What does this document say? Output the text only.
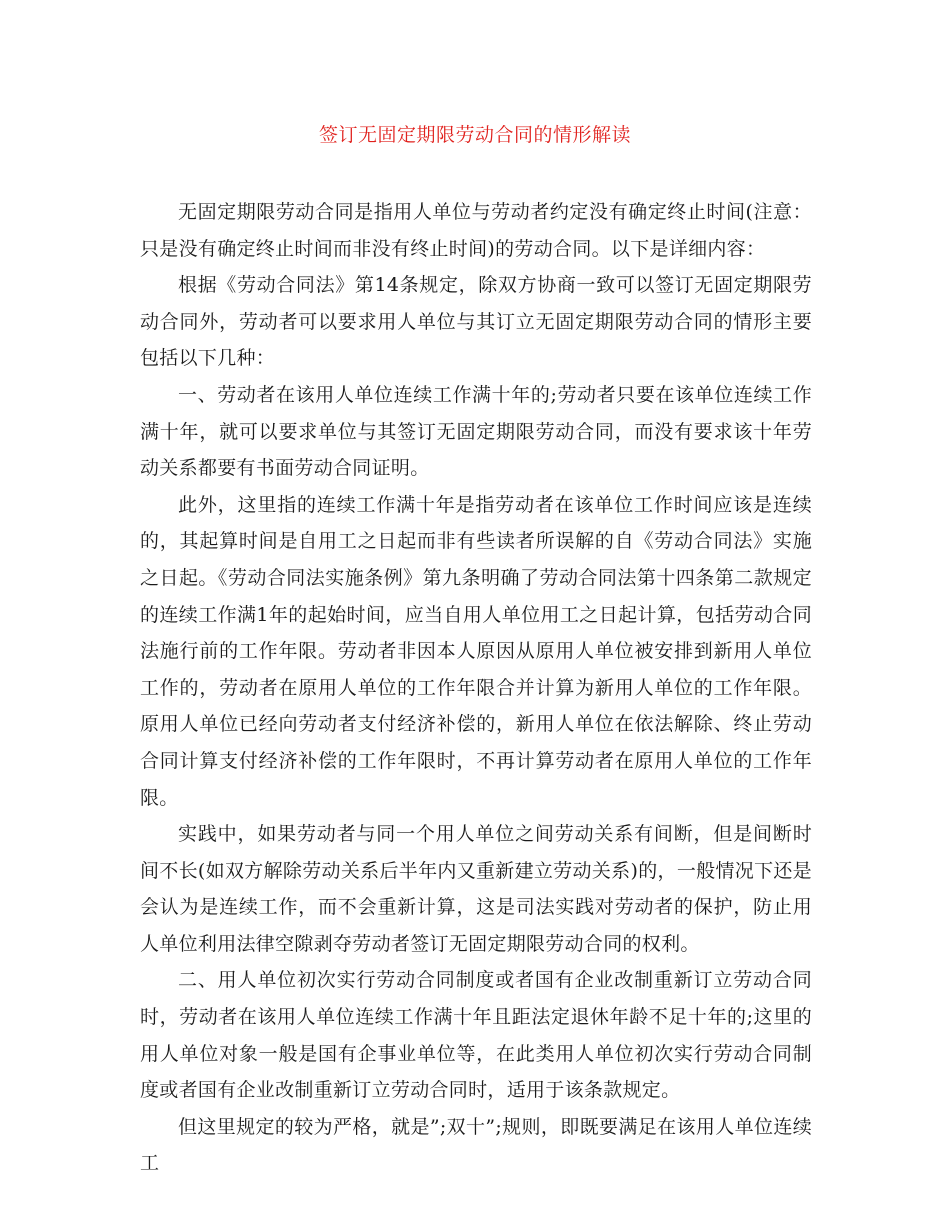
签订无固定期限劳动合同的情形解读

无固定期限劳动合同是指用人单位与劳动者约定没有确定终止时间(注意：只是没有确定终止时间而非没有终止时间)的劳动合同。以下是详细内容：

根据《劳动合同法》第14条规定，除双方协商一致可以签订无固定期限劳动合同外，劳动者可以要求用人单位与其订立无固定期限劳动合同的情形主要包括以下几种：

一、劳动者在该用人单位连续工作满十年的;劳动者只要在该单位连续工作满十年，就可以要求单位与其签订无固定期限劳动合同，而没有要求该十年劳动关系都要有书面劳动合同证明。

此外，这里指的连续工作满十年是指劳动者在该单位工作时间应该是连续的，其起算时间是自用工之日起而非有些读者所误解的自《劳动合同法》实施之日起。《劳动合同法实施条例》第九条明确了劳动合同法第十四条第二款规定的连续工作满1年的起始时间，应当自用人单位用工之日起计算，包括劳动合同法施行前的工作年限。劳动者非因本人原因从原用人单位被安排到新用人单位工作的，劳动者在原用人单位的工作年限合并计算为新用人单位的工作年限。原用人单位已经向劳动者支付经济补偿的，新用人单位在依法解除、终止劳动合同计算支付经济补偿的工作年限时，不再计算劳动者在原用人单位的工作年限。

实践中，如果劳动者与同一个用人单位之间劳动关系有间断，但是间断时间不长(如双方解除劳动关系后半年内又重新建立劳动关系)的，一般情况下还是会认为是连续工作，而不会重新计算，这是司法实践对劳动者的保护，防止用人单位利用法律空隙剥夺劳动者签订无固定期限劳动合同的权利。

二、用人单位初次实行劳动合同制度或者国有企业改制重新订立劳动合同时，劳动者在该用人单位连续工作满十年且距法定退休年龄不足十年的;这里的用人单位对象一般是国有企事业单位等，在此类用人单位初次实行劳动合同制度或者国有企业改制重新订立劳动合同时，适用于该条款规定。

但这里规定的较为严格，就是”;双十”;规则，即既要满足在该用人单位连续工
